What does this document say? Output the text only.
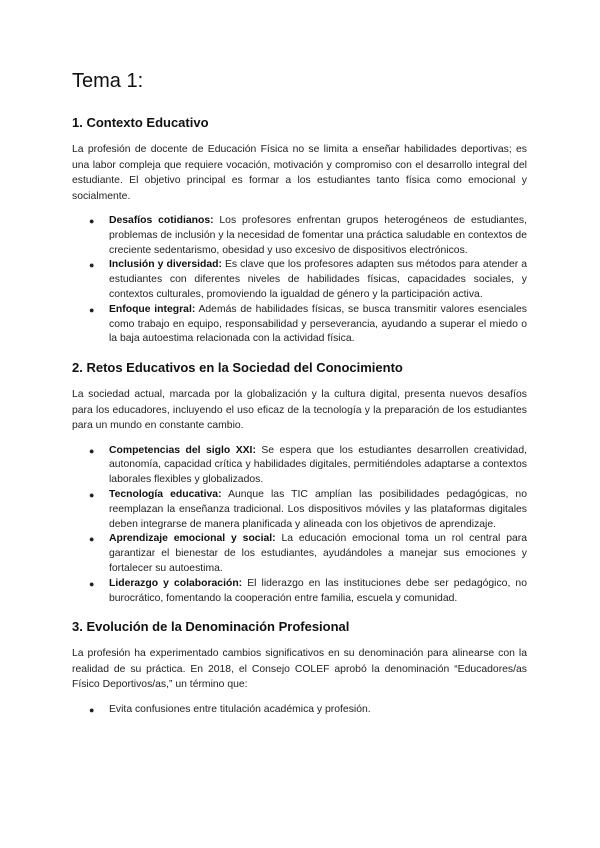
Tema 1:
1. Contexto Educativo

La profesión de docente de Educación Física no se limita a enseñar habilidades deportivas; es una labor compleja que requiere vocación, motivación y compromiso con el desarrollo integral del estudiante. El objetivo principal es formar a los estudiantes tanto física como emocional y socialmente.

● Desafíos cotidianos: Los profesores enfrentan grupos heterogéneos de estudiantes, problemas de inclusión y la necesidad de fomentar una práctica saludable en contextos de creciente sedentarismo, obesidad y uso excesivo de dispositivos electrónicos.
● Inclusión y diversidad: Es clave que los profesores adapten sus métodos para atender a estudiantes con diferentes niveles de habilidades físicas, capacidades sociales, y contextos culturales, promoviendo la igualdad de género y la participación activa.
● Enfoque integral: Además de habilidades físicas, se busca transmitir valores esenciales como trabajo en equipo, responsabilidad y perseverancia, ayudando a superar el miedo o la baja autoestima relacionada con la actividad física.
2. Retos Educativos en la Sociedad del Conocimiento

La sociedad actual, marcada por la globalización y la cultura digital, presenta nuevos desafíos para los educadores, incluyendo el uso eficaz de la tecnología y la preparación de los estudiantes para un mundo en constante cambio.

● Competencias del siglo XXI: Se espera que los estudiantes desarrollen creatividad, autonomía, capacidad crítica y habilidades digitales, permitiéndoles adaptarse a contextos laborales flexibles y globalizados.
● Tecnología educativa: Aunque las TIC amplían las posibilidades pedagógicas, no reemplazan la enseñanza tradicional. Los dispositivos móviles y las plataformas digitales deben integrarse de manera planificada y alineada con los objetivos de aprendizaje.
● Aprendizaje emocional y social: La educación emocional toma un rol central para garantizar el bienestar de los estudiantes, ayudándoles a manejar sus emociones y fortalecer su autoestima.
● Liderazgo y colaboración: El liderazgo en las instituciones debe ser pedagógico, no burocrático, fomentando la cooperación entre familia, escuela y comunidad.
3. Evolución de la Denominación Profesional

La profesión ha experimentado cambios significativos en su denominación para alinearse con la realidad de su práctica. En 2018, el Consejo COLEF aprobó la denominación “Educadores/as Físico Deportivos/as,” un término que:

● Evita confusiones entre titulación académica y profesión.
